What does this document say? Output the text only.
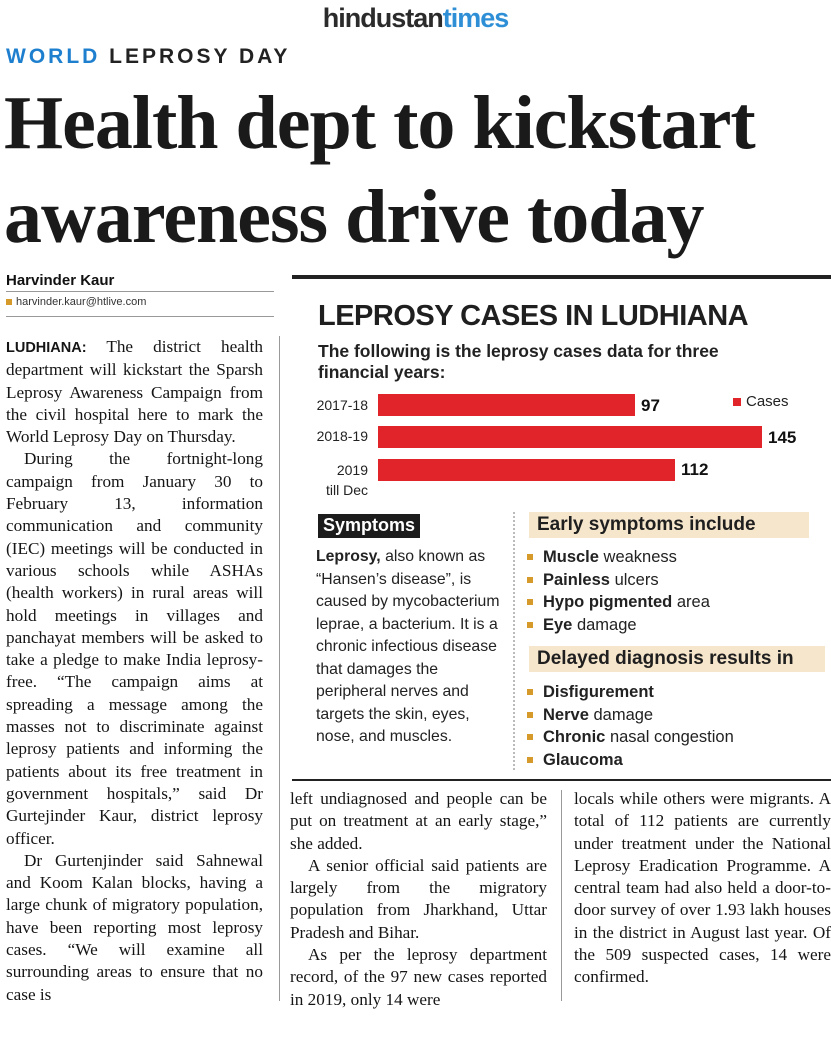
hindustantimes
WORLD LEPROSY DAY
Health dept to kickstart
awareness drive today
Harvinder Kaur
harvinder.kaur@htlive.com

LUDHIANA: The district health department will kickstart the Sparsh Leprosy Awareness Campaign from the civil hospital here to mark the World Leprosy Day on Thursday.

During the fortnight-long campaign from January 30 to February 13, information communication and community (IEC) meetings will be conducted in various schools while ASHAs (health workers) in rural areas will hold meetings in villages and panchayat members will be asked to take a pledge to make India leprosy-free. “The campaign aims at spreading a message among the masses not to discriminate against leprosy patients and informing the patients about its free treatment in government hospitals,” said Dr Gurtejinder Kaur, district leprosy officer.

Dr Gurtenjinder said Sahnewal and Koom Kalan blocks, having a large chunk of migratory population, have been reporting most leprosy cases. “We will examine all surrounding areas to ensure that no case is

LEPROSY CASES IN LUDHIANA
The following is the leprosy cases data for three financial years:
Cases
2017-18
2018-19
2019
till Dec
97
145
112
Symptoms
Leprosy, also known as “Hansen’s disease”, is caused by mycobacterium leprae, a bacterium. It is a chronic infectious disease that damages the peripheral nerves and targets the skin, eyes, nose, and muscles.
Early symptoms include
Muscle weakness
Painless ulcers
Hypo pigmented area
Eye damage
Delayed diagnosis results in
Disfigurement
Nerve damage
Chronic nasal congestion
Glaucoma

left undiagnosed and people can be put on treatment at an early stage,” she added.

A senior official said patients are largely from the migratory population from Jharkhand, Uttar Pradesh and Bihar.

As per the leprosy department record, of the 97 new cases reported in 2019, only 14 were

locals while others were migrants. A total of 112 patients are currently under treatment under the National Leprosy Eradication Programme. A central team had also held a door-to-door survey of over 1.93 lakh houses in the district in August last year. Of the 509 suspected cases, 14 were confirmed.
